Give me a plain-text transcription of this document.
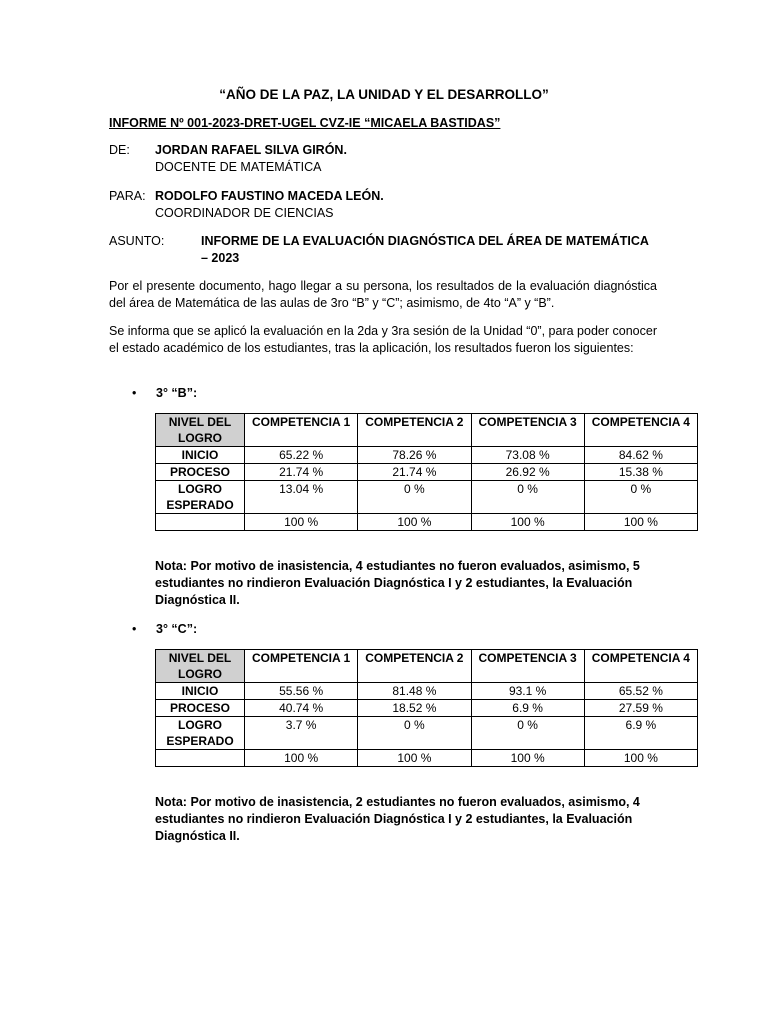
“AÑO DE LA PAZ, LA UNIDAD Y EL DESARROLLO”
INFORME Nº 001-2023-DRET-UGEL CVZ-IE “MICAELA BASTIDAS”
DE: JORDAN RAFAEL SILVA GIRÓN.
DOCENTE DE MATEMÁTICA
PARA: RODOLFO FAUSTINO MACEDA LEÓN.
COORDINADOR DE CIENCIAS
ASUNTO:	INFORME DE LA EVALUACIÓN DIAGNÓSTICA DEL ÁREA DE MATEMÁTICA – 2023
Por el presente documento, hago llegar a su persona, los resultados de la evaluación diagnóstica del área de Matemática de las aulas de 3ro “B” y “C”; asimismo, de 4to “A” y “B”.
Se informa que se aplicó la evaluación en la 2da y 3ra sesión de la Unidad “0”, para poder conocer el estado académico de los estudiantes, tras la aplicación, los resultados fueron los siguientes:
• 3° “B”:
NIVEL DEL LOGRO	COMPETENCIA 1	COMPETENCIA 2	COMPETENCIA 3	COMPETENCIA 4
INICIO	65.22 %	78.26 %	73.08 %	84.62 %
PROCESO	21.74 %	21.74 %	26.92 %	15.38 %
LOGRO ESPERADO	13.04 %	0 %	0 %	0 %
	100 %	100 %	100 %	100 %
Nota: Por motivo de inasistencia, 4 estudiantes no fueron evaluados, asimismo, 5 estudiantes no rindieron Evaluación Diagnóstica I y 2 estudiantes, la Evaluación Diagnóstica II.
• 3° “C”:
NIVEL DEL LOGRO	COMPETENCIA 1	COMPETENCIA 2	COMPETENCIA 3	COMPETENCIA 4
INICIO	55.56 %	81.48 %	93.1 %	65.52 %
PROCESO	40.74 %	18.52 %	6.9 %	27.59 %
LOGRO ESPERADO	3.7 %	0 %	0 %	6.9 %
	100 %	100 %	100 %	100 %
Nota: Por motivo de inasistencia, 2 estudiantes no fueron evaluados, asimismo, 4 estudiantes no rindieron Evaluación Diagnóstica I y 2 estudiantes, la Evaluación Diagnóstica II.
